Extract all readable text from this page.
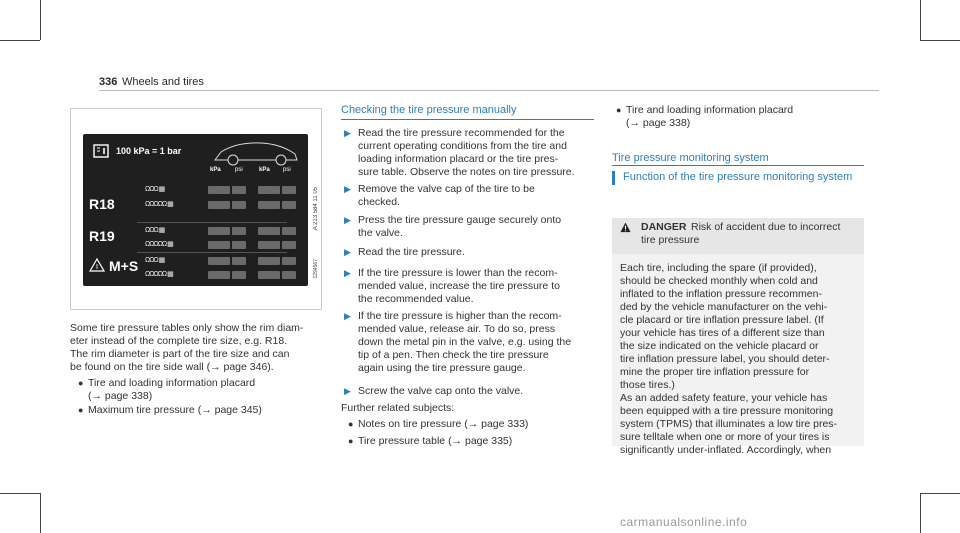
336 Wheels and tires
100 kPa = 1 bar
kPa psi	kPa psi
R18
R19
M+S
ΩΩΩ ▦
ΩΩΩΩΩ ▦
ΩΩΩ ▦
ΩΩΩΩΩ ▦
ΩΩΩ ▦
ΩΩΩΩΩ ▦
A 213 584 11 05
1294567
Some tire pressure tables only show the rim diam-
eter instead of the complete tire size, e.g. R18.
The rim diameter is part of the tire size and can
be found on the tire side wall (→ page 346).
● Tire and loading information placard
(→ page 338)
● Maximum tire pressure (→ page 345)
Checking the tire pressure manually
▶ Read the tire pressure recommended for the
current operating conditions from the tire and
loading information placard or the tire pres-
sure table. Observe the notes on tire pressure.
▶ Remove the valve cap of the tire to be
checked.
▶ Press the tire pressure gauge securely onto
the valve.
▶ Read the tire pressure.
▶ If the tire pressure is lower than the recom-
mended value, increase the tire pressure to
the recommended value.
▶ If the tire pressure is higher than the recom-
mended value, release air. To do so, press
down the metal pin in the valve, e.g. using the
tip of a pen. Then check the tire pressure
again using the tire pressure gauge.
▶ Screw the valve cap onto the valve.
Further related subjects:
● Notes on tire pressure (→ page 333)
● Tire pressure table (→ page 335)
● Tire and loading information placard
(→ page 338)
Tire pressure monitoring system
Function of the tire pressure monitoring system
DANGER Risk of accident due to incorrect
tire pressure
Each tire, including the spare (if provided),
should be checked monthly when cold and
inflated to the inflation pressure recommen-
ded by the vehicle manufacturer on the vehi-
cle placard or tire inflation pressure label. (If
your vehicle has tires of a different size than
the size indicated on the vehicle placard or
tire inflation pressure label, you should deter-
mine the proper tire inflation pressure for
those tires.)
As an added safety feature, your vehicle has
been equipped with a tire pressure monitoring
system (TPMS) that illuminates a low tire pres-
sure telltale when one or more of your tires is
significantly under-inflated. Accordingly, when
carmanualsonline.info
